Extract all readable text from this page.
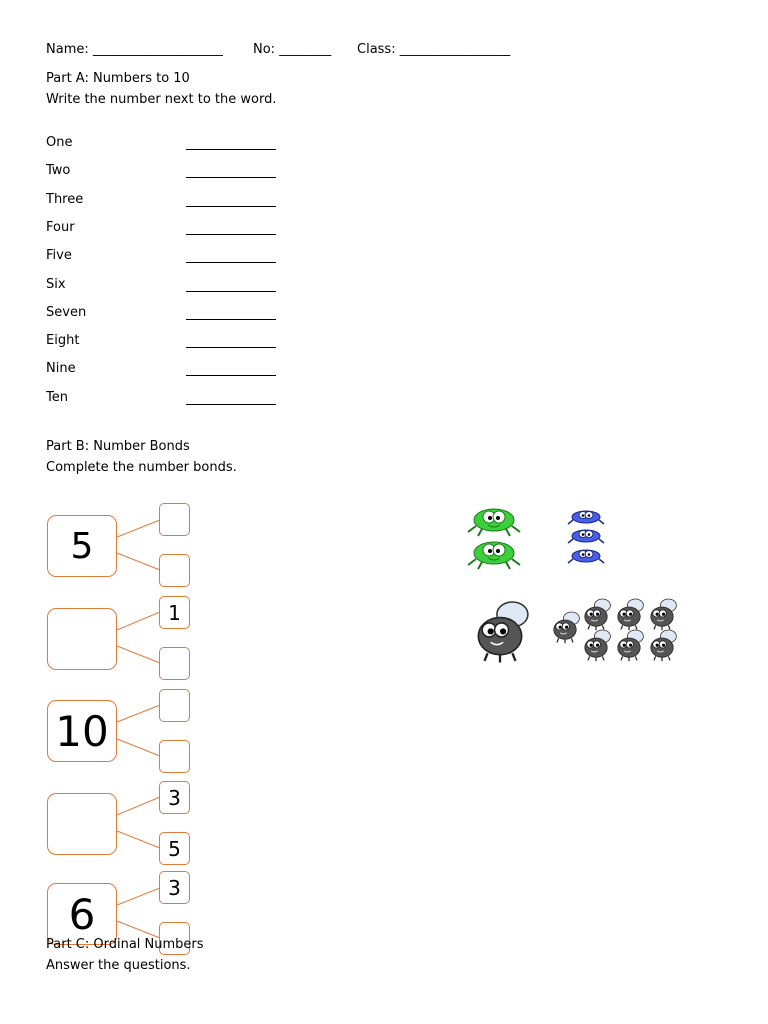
Name: ____________________ No: ________ Class: _________________
Part A: Numbers to 10
Write the number next to the word.
One
Two
Three
Four
Five
Six
Seven
Eight
Nine
Ten
Part B: Number Bonds
Complete the number bonds.
5
1
10
3
5
6
3
Part C: Ordinal Numbers
Answer the questions.
